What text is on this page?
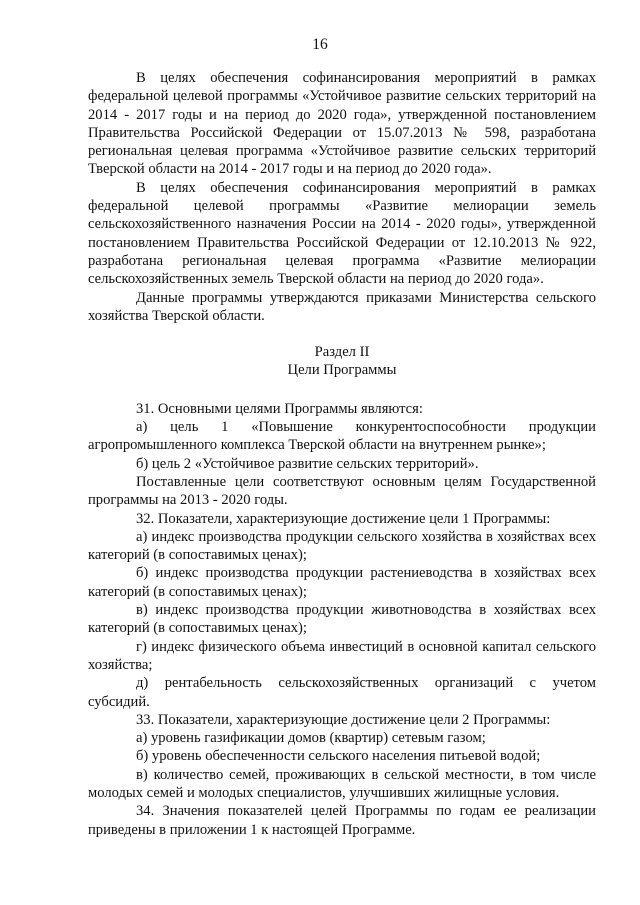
16

В целях обеспечения софинансирования мероприятий в рамках федеральной целевой программы «Устойчивое развитие сельских территорий на 2014 - 2017 годы и на период до 2020 года», утвержденной постановлением Правительства Российской Федерации от 15.07.2013 № 598, разработана региональная целевая программа «Устойчивое развитие сельских территорий Тверской области на 2014 - 2017 годы и на период до 2020 года».

В целях обеспечения софинансирования мероприятий в рамках федеральной целевой программы «Развитие мелиорации земель сельскохозяйственного назначения России на 2014 - 2020 годы», утвержденной постановлением Правительства Российской Федерации от 12.10.2013 № 922, разработана региональная целевая программа «Развитие мелиорации сельскохозяйственных земель Тверской области на период до 2020 года».

Данные программы утверждаются приказами Министерства сельского хозяйства Тверской области.

Раздел II
Цели Программы

31. Основными целями Программы являются:

а) цель 1 «Повышение конкурентоспособности продукции агропромышленного комплекса Тверской области на внутреннем рынке»;

б) цель 2 «Устойчивое развитие сельских территорий».

Поставленные цели соответствуют основным целям Государственной программы на 2013 - 2020 годы.

32. Показатели, характеризующие достижение цели 1 Программы:

а) индекс производства продукции сельского хозяйства в хозяйствах всех категорий (в сопоставимых ценах);

б) индекс производства продукции растениеводства в хозяйствах всех категорий (в сопоставимых ценах);

в) индекс производства продукции животноводства в хозяйствах всех категорий (в сопоставимых ценах);

г) индекс физического объема инвестиций в основной капитал сельского хозяйства;

д) рентабельность сельскохозяйственных организаций с учетом субсидий.

33. Показатели, характеризующие достижение цели 2 Программы:

а) уровень газификации домов (квартир) сетевым газом;

б) уровень обеспеченности сельского населения питьевой водой;

в) количество семей, проживающих в сельской местности, в том числе молодых семей и молодых специалистов, улучшивших жилищные условия.

34. Значения показателей целей Программы по годам ее реализации приведены в приложении 1 к настоящей Программе.
